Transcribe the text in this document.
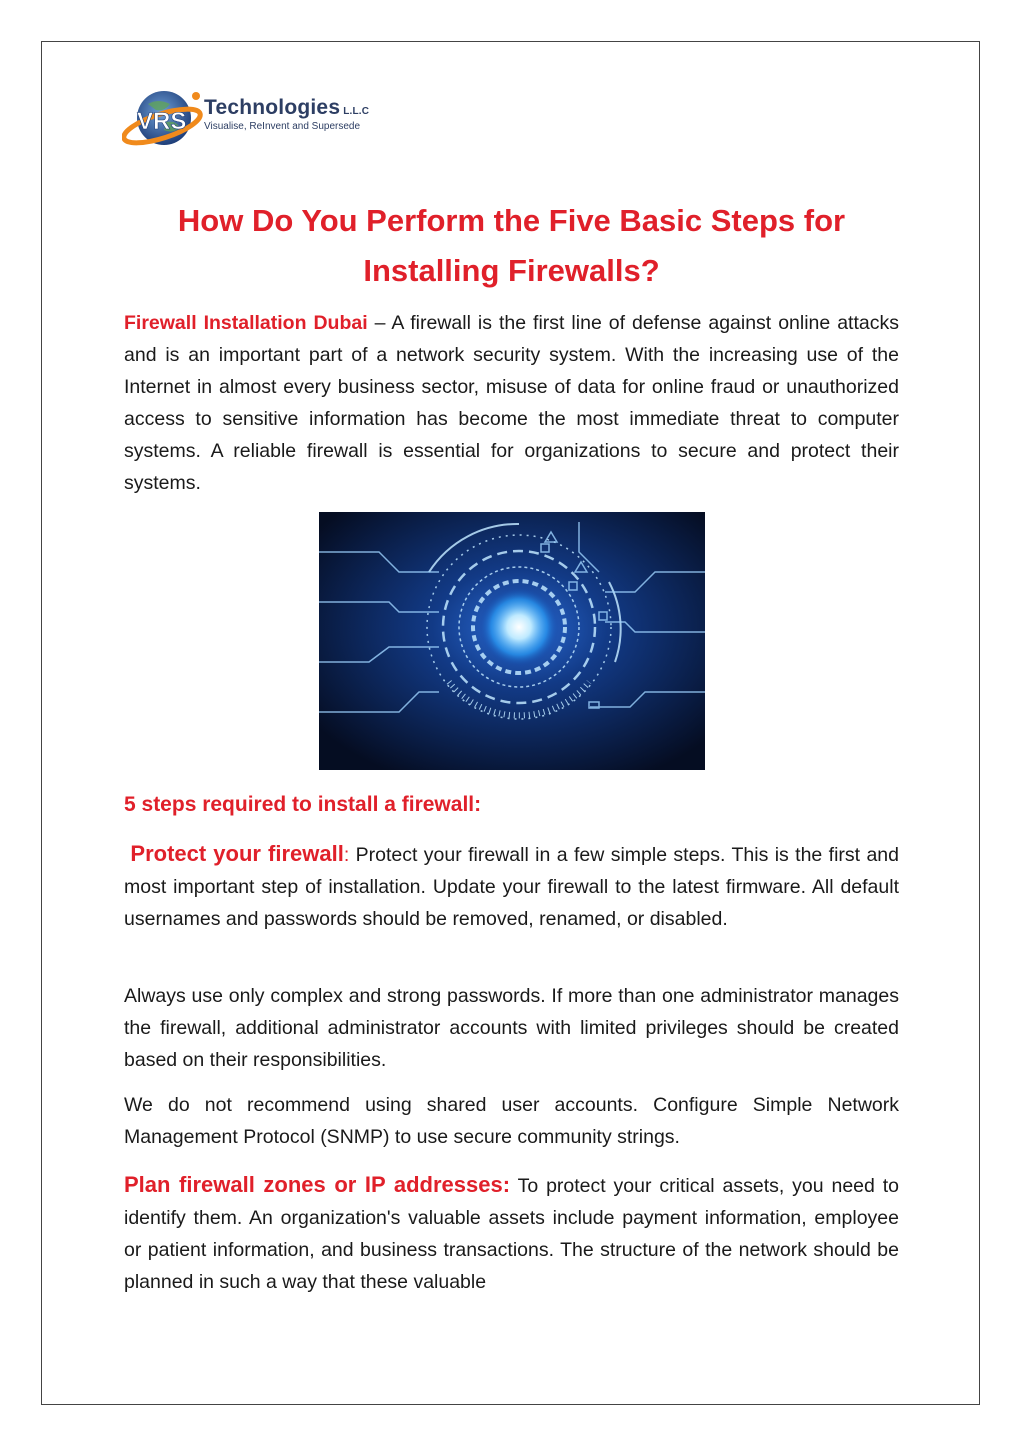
VRS
Technologies L.L.C
Visualise, ReInvent and Supersede
How Do You Perform the Five Basic Steps for Installing Firewalls?

Firewall Installation Dubai – A firewall is the first line of defense against online attacks and is an important part of a network security system. With the increasing use of the Internet in almost every business sector, misuse of data for online fraud or unauthorized access to sensitive information has become the most immediate threat to computer systems. A reliable firewall is essential for organizations to secure and protect their systems.

5 steps required to install a firewall:

Protect your firewall: Protect your firewall in a few simple steps. This is the first and most important step of installation. Update your firewall to the latest firmware. All default usernames and passwords should be removed, renamed, or disabled.

Always use only complex and strong passwords. If more than one administrator manages the firewall, additional administrator accounts with limited privileges should be created based on their responsibilities.

We do not recommend using shared user accounts. Configure Simple Network Management Protocol (SNMP) to use secure community strings.

Plan firewall zones or IP addresses: To protect your critical assets, you need to identify them. An organization's valuable assets include payment information, employee or patient information, and business transactions. The structure of the network should be planned in such a way that these valuable
